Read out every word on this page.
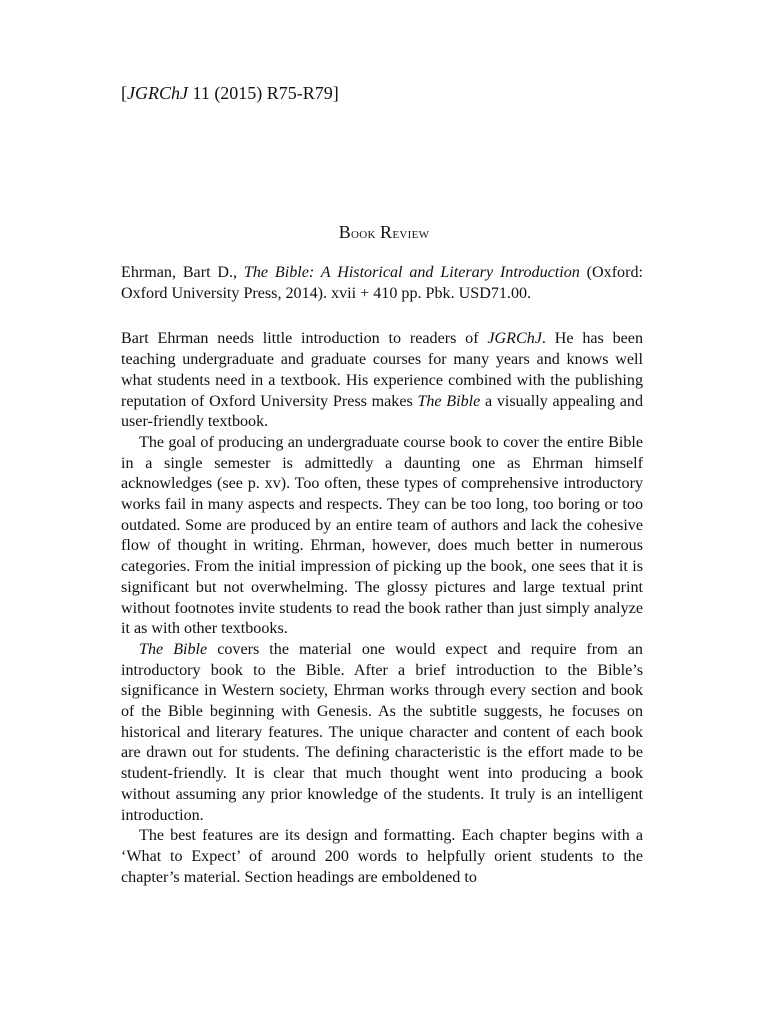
[JGRChJ 11 (2015) R75-R79]
Book Review

Ehrman, Bart D., The Bible: A Historical and Literary Introduction (Oxford: Oxford University Press, 2014). xvii + 410 pp. Pbk. USD71.00.

Bart Ehrman needs little introduction to readers of JGRChJ. He has been teaching undergraduate and graduate courses for many years and knows well what students need in a textbook. His experience combined with the publishing reputation of Oxford University Press makes The Bible a visually appealing and user-friendly textbook.

The goal of producing an undergraduate course book to cover the entire Bible in a single semester is admittedly a daunting one as Ehrman himself acknowledges (see p. xv). Too often, these types of comprehensive introductory works fail in many aspects and respects. They can be too long, too boring or too outdated. Some are produced by an entire team of authors and lack the cohesive flow of thought in writing. Ehrman, however, does much better in numerous categories. From the initial impression of picking up the book, one sees that it is significant but not overwhelming. The glossy pictures and large textual print without footnotes invite students to read the book rather than just simply analyze it as with other textbooks.

The Bible covers the material one would expect and require from an introductory book to the Bible. After a brief introduction to the Bible’s significance in Western society, Ehrman works through every section and book of the Bible beginning with Genesis. As the subtitle suggests, he focuses on historical and literary features. The unique character and content of each book are drawn out for students. The defining characteristic is the effort made to be student-friendly. It is clear that much thought went into producing a book without assuming any prior knowledge of the students. It truly is an intelligent introduction.

The best features are its design and formatting. Each chapter begins with a ‘What to Expect’ of around 200 words to helpfully orient students to the chapter’s material. Section headings are emboldened to
